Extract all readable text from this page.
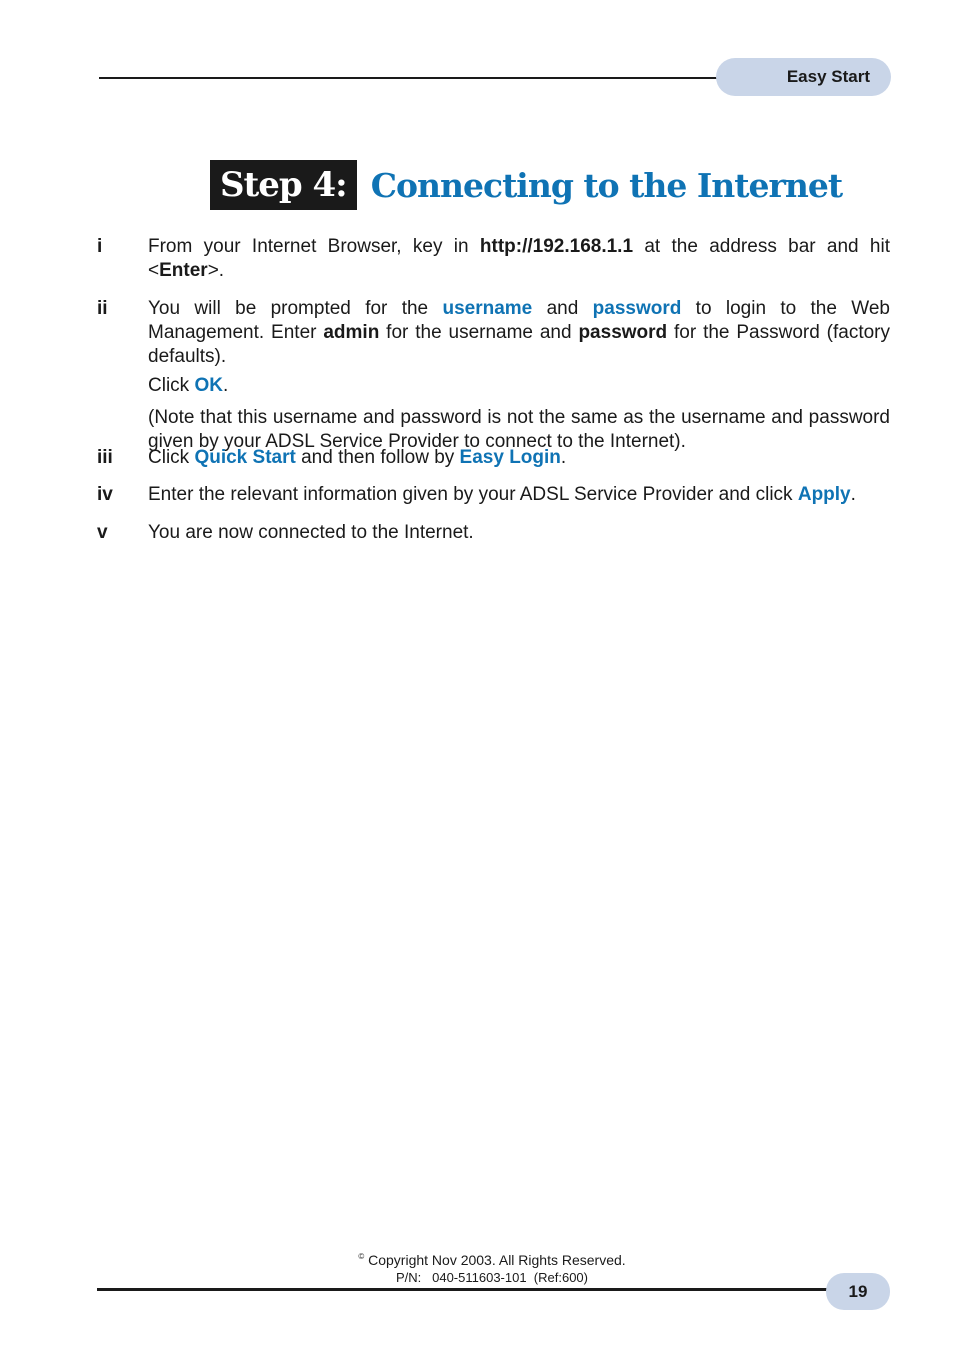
Easy Start
Step 4: Connecting to the Internet
i From your Internet Browser, key in http://192.168.1.1 at the address bar and hit <Enter>.

ii You will be prompted for the username and password to login to the Web Management. Enter admin for the username and password for the Password (factory defaults).

Click OK.

(Note that this username and password is not the same as the username and password given by your ADSL Service Provider to connect to the Internet).

iii Click Quick Start and then follow by Easy Login.

iv Enter the relevant information given by your ADSL Service Provider and click Apply.

v You are now connected to the Internet.

© Copyright Nov 2003. All Rights Reserved.
P/N:   040-511603-101  (Ref:600)
19
